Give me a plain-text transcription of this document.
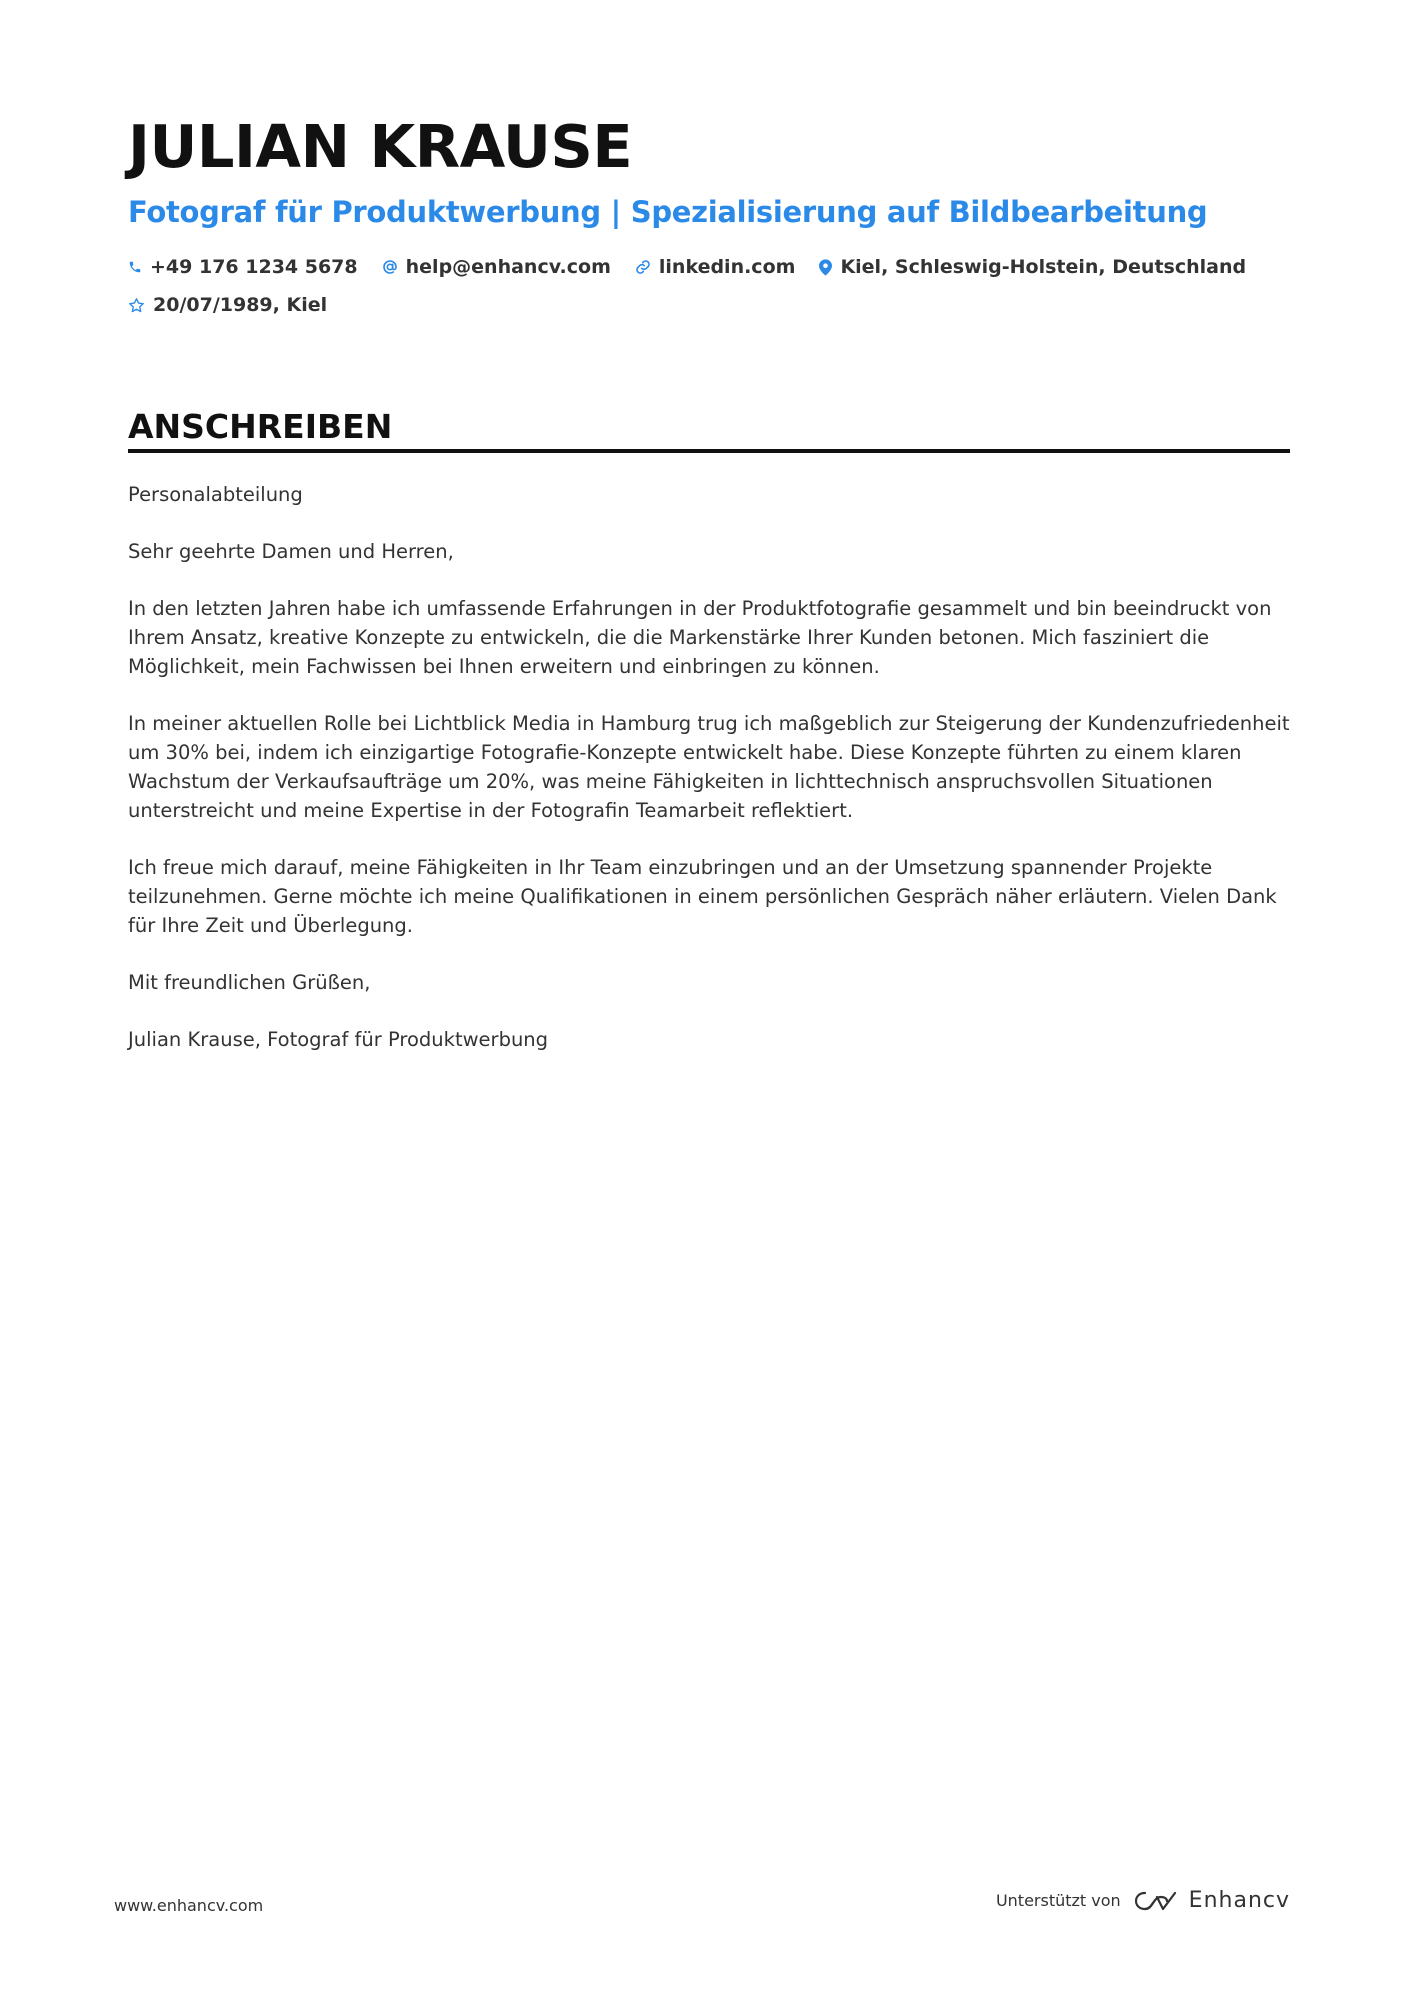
JULIAN KRAUSE
Fotograf für Produktwerbung | Spezialisierung auf Bildbearbeitung
+49 176 1234 5678	help@enhancv.com	linkedin.com Kiel, Schleswig-Holstein, Deutschland
20/07/1989, Kiel
ANSCHREIBEN

Personalabteilung

Sehr geehrte Damen und Herren,

In den letzten Jahren habe ich umfassende Erfahrungen in der Produktfotografie gesammelt und bin beeindruckt von Ihrem Ansatz, kreative Konzepte zu entwickeln, die die Markenstärke Ihrer Kunden betonen. Mich fasziniert die Möglichkeit, mein Fachwissen bei Ihnen erweitern und einbringen zu können.

In meiner aktuellen Rolle bei Lichtblick Media in Hamburg trug ich maßgeblich zur Steigerung der Kundenzufriedenheit um 30% bei, indem ich einzigartige Fotografie-Konzepte entwickelt habe. Diese Konzepte führten zu einem klaren Wachstum der Verkaufsaufträge um 20%, was meine Fähigkeiten in lichttechnisch anspruchsvollen Situationen unterstreicht und meine Expertise in der Fotografin Teamarbeit reflektiert.

Ich freue mich darauf, meine Fähigkeiten in Ihr Team einzubringen und an der Umsetzung spannender Projekte teilzunehmen. Gerne möchte ich meine Qualifikationen in einem persönlichen Gespräch näher erläutern. Vielen Dank für Ihre Zeit und Überlegung.

Mit freundlichen Grüßen,

Julian Krause, Fotograf für Produktwerbung

www.enhancv.com	Unterstützt von	Enhancv
